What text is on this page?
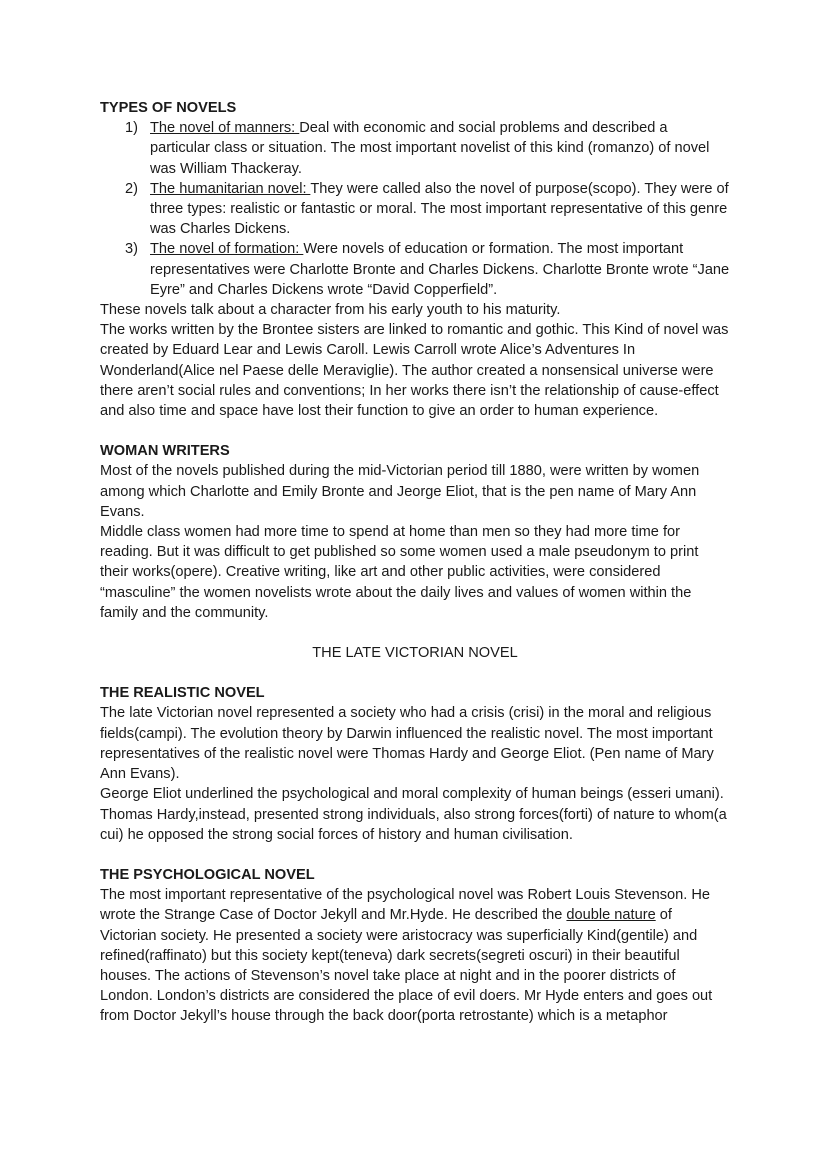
TYPES OF NOVELS

1) The novel of manners: Deal with economic and social problems and described a particular class or situation. The most important novelist of this kind (romanzo) of novel was William Thackeray.
2) The humanitarian novel: They were called also the novel of purpose(scopo). They were of three types: realistic or fantastic or moral. The most important representative of this genre was Charles Dickens.
3) The novel of formation: Were novels of education or formation. The most important representatives were Charlotte Bronte and Charles Dickens. Charlotte Bronte wrote “Jane Eyre” and Charles Dickens wrote “David Copperfield”.

These novels talk about a character from his early youth to his maturity.

The works written by the Brontee sisters are linked to romantic and gothic. This Kind of novel was created by Eduard Lear and Lewis Caroll. Lewis Carroll wrote Alice’s Adventures In Wonderland(Alice nel Paese delle Meraviglie). The author created a nonsensical universe were there aren’t social rules and conventions; In her works there isn’t the relationship of cause-effect and also time and space have lost their function to give an order to human experience.

WOMAN WRITERS

Most of the novels published during the mid-Victorian period till 1880, were written by women among which Charlotte and Emily Bronte and Jeorge Eliot, that is the pen name of Mary Ann Evans.

Middle class women had more time to spend at home than men so they had more time for reading. But it was difficult to get published so some women used a male pseudonym to print their works(opere). Creative writing, like art and other public activities, were considered “masculine” the women novelists wrote about the daily lives and values of women within the family and the community.

THE LATE VICTORIAN NOVEL

THE REALISTIC NOVEL

The late Victorian novel represented a society who had a crisis (crisi) in the moral and religious fields(campi). The evolution theory by Darwin influenced the realistic novel. The most important representatives of the realistic novel were Thomas Hardy and George Eliot. (Pen name of Mary Ann Evans).

George Eliot underlined the psychological and moral complexity of human beings (esseri umani). Thomas Hardy,instead, presented strong individuals, also strong forces(forti) of nature to whom(a cui) he opposed the strong social forces of history and human civilisation.

THE PSYCHOLOGICAL NOVEL

The most important representative of the psychological novel was Robert Louis Stevenson. He wrote the Strange Case of Doctor Jekyll and Mr.Hyde. He described the double nature of Victorian society. He presented a society were aristocracy was superficially Kind(gentile) and refined(raffinato) but this society kept(teneva) dark secrets(segreti oscuri) in their beautiful houses. The actions of Stevenson’s novel take place at night and in the poorer districts of London. London’s districts are considered the place of evil doers. Mr Hyde enters and goes out from Doctor Jekyll’s house through the back door(porta retrostante) which is a metaphor
